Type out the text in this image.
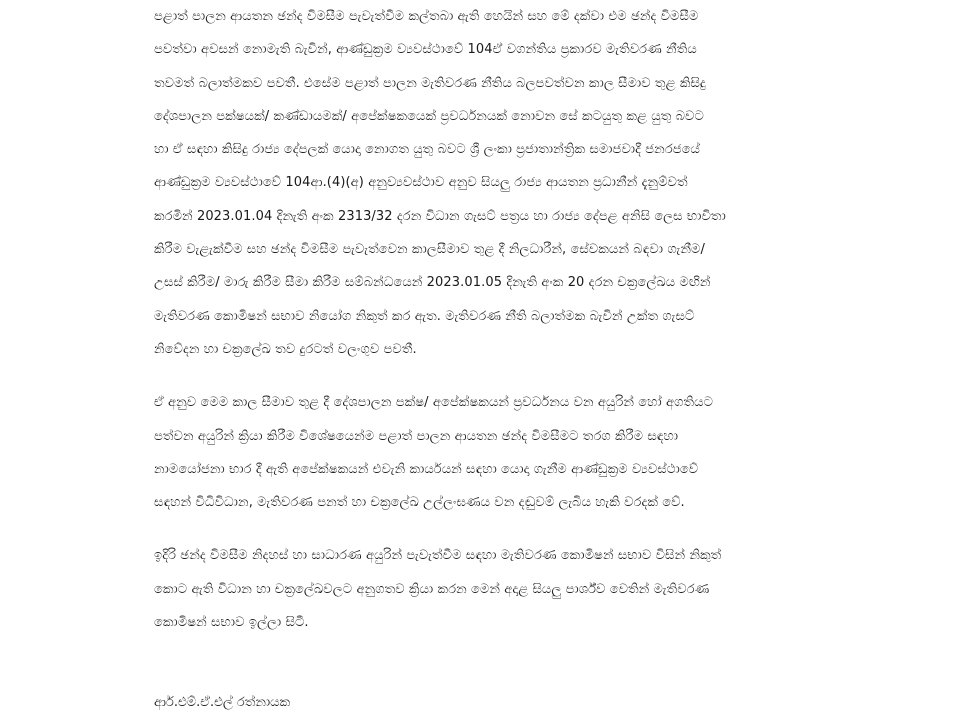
පළාත් පාලන ආයතන ඡන්ද විමසීම පැවැත්වීම කල්තබා ඇති හෙයින් සහ මේ දක්වා එම ඡන්ද විමසීම
පවත්වා අවසන් නොමැති බැවින්, ආණ්ඩුක්‍රම ව්‍යවස්ථාවේ 104ඒ වගන්තිය ප්‍රකාරව මැතිවරණ නීතිය
තවමත් බලාත්මකව පවතී. එසේම පළාත් පාලන මැතිවරණ නීතිය බලපවත්වන කාල සීමාව තුළ කිසිදු
දේශපාලන පක්ෂයක්/ කණ්ඩායමක්/ අපේක්ෂකයෙක් ප්‍රවර්ධනයක් නොවන සේ කටයුතු කළ යුතු බවට
හා ඒ සඳහා කිසිදු රාජ්‍ය දේපලක් යොදා නොගත යුතු බවට ශ්‍රී ලංකා ප්‍රජාතාන්ත්‍රික සමාජවාදී ජනරජයේ
ආණ්ඩුක්‍රම ව්‍යවස්ථාවේ 104ආ.(4)(අ) අනුව්‍යවස්ථාව අනුව සියලු රාජ්‍ය ආයතන ප්‍රධානීන් දැනුම්වත්
කරමින් 2023.01.04 දිනැති අංක 2313/32 දරන විධාන ගැසට් පත්‍රය හා රාජ්‍ය දේපළ අනිසි ලෙස භාවිතා
කිරීම වැළැක්වීම සහ ඡන්ද විමසීම පැවැත්වෙන කාලසීමාව තුළ දී නිලධාරීන්, සේවකයන් බඳවා ගැනීම/
උසස් කිරීම/ මාරු කිරීම සීමා කිරීම සම්බන්ධයෙන් 2023.01.05 දිනැති අංක 20 දරන චක්‍රලේඛය මඟින්
මැතිවරණ කොමිෂන් සභාව නියෝග නිකුත් කර ඇත. මැතිවරණ නීති බලාත්මක බැවින් උක්ත ගැසට්
නිවේදන හා චක්‍රලේඛ තව දුරටත් වලංගුව පවතී.
ඒ අනුව මෙම කාල සීමාව තුළ දී දේශපාලන පක්ෂ/ අපේක්ෂකයන් ප්‍රවර්ධනය වන අයුරින් හෝ අගතියට
පත්වන අයුරින් ක්‍රියා කිරීම විශේෂයෙන්ම පළාත් පාලන ආයතන ඡන්ද විමසීමට තරග කිරීම සඳහා
නාමයෝජනා භාර දී ඇති අපේක්ෂකයන් එවැනි කාර්යයන් සඳහා යොදා ගැනීම ආණ්ඩුක්‍රම ව්‍යවස්ථාවේ
සඳහන් විධිවිධාන, මැතිවරණ පනත් හා චක්‍රලේඛ උල්ලංඝණය වන දඬුවම් ලැබිය හැකි වරදක් වේ.
ඉදිරි ඡන්ද විමසීම නිදහස් හා සාධාරණ අයුරින් පැවැත්වීම සඳහා මැතිවරණ කොමිෂන් සභාව විසින් නිකුත්
කොට ඇති විධාන හා චක්‍රලේඛවලට අනුගතව ක්‍රියා කරන මෙන් අදාළ සියලු පාර්ශ්ව වෙතින් මැතිවරණ
කොමිෂන් සභාව ඉල්ලා සිටී.
ආර්.එම්.ඒ.එල් රත්නායක
